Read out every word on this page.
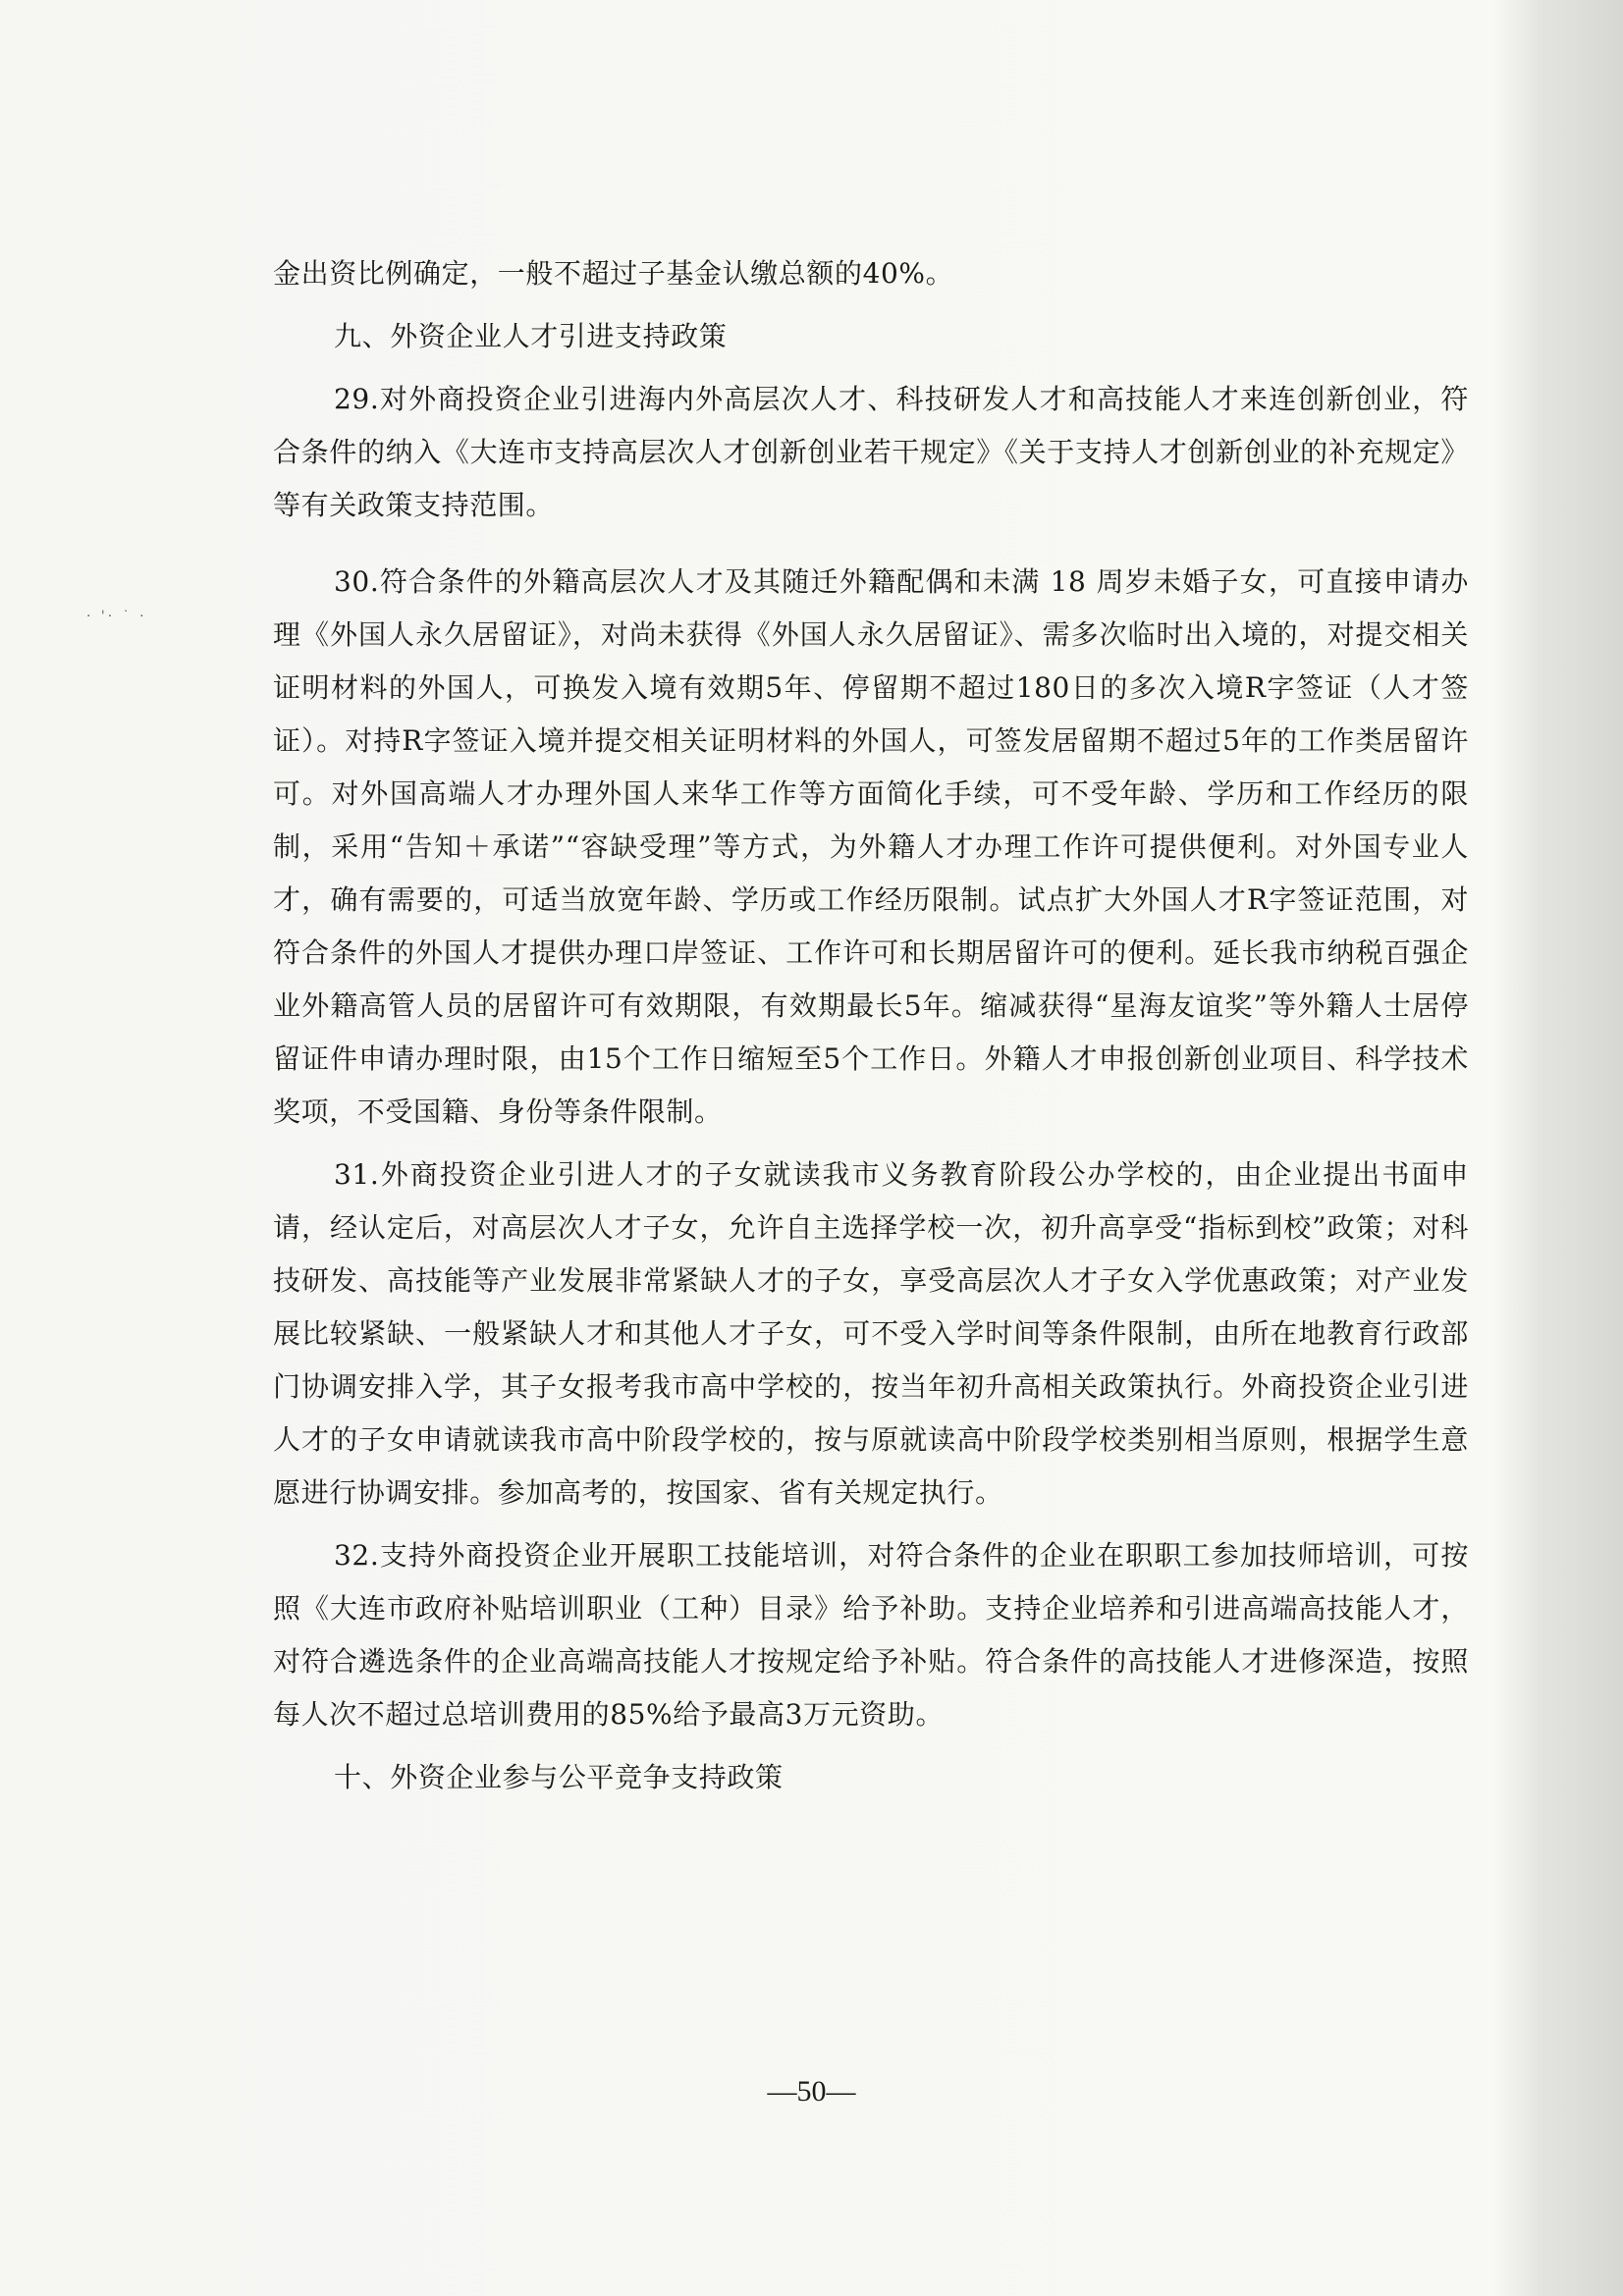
· '· ˙ ·

金出资比例确定，一般不超过子基金认缴总额的40%。

九、外资企业人才引进支持政策

29.对外商投资企业引进海内外高层次人才、科技研发人才和高技能人才来连创新创业，符合条件的纳入《大连市支持高层次人才创新创业若干规定》《关于支持人才创新创业的补充规定》等有关政策支持范围。

30.符合条件的外籍高层次人才及其随迁外籍配偶和未满 18 周岁未婚子女，可直接申请办理《外国人永久居留证》，对尚未获得《外国人永久居留证》、需多次临时出入境的，对提交相关证明材料的外国人，可换发入境有效期5年、停留期不超过180日的多次入境R字签证（人才签证）。对持R字签证入境并提交相关证明材料的外国人，可签发居留期不超过5年的工作类居留许可。对外国高端人才办理外国人来华工作等方面简化手续，可不受年龄、学历和工作经历的限制，采用“告知＋承诺”“容缺受理”等方式，为外籍人才办理工作许可提供便利。对外国专业人才，确有需要的，可适当放宽年龄、学历或工作经历限制。试点扩大外国人才R字签证范围，对符合条件的外国人才提供办理口岸签证、工作许可和长期居留许可的便利。延长我市纳税百强企业外籍高管人员的居留许可有效期限，有效期最长5年。缩减获得“星海友谊奖”等外籍人士居停留证件申请办理时限，由15个工作日缩短至5个工作日。外籍人才申报创新创业项目、科学技术奖项，不受国籍、身份等条件限制。

31.外商投资企业引进人才的子女就读我市义务教育阶段公办学校的，由企业提出书面申请，经认定后，对高层次人才子女，允许自主选择学校一次，初升高享受“指标到校”政策；对科技研发、高技能等产业发展非常紧缺人才的子女，享受高层次人才子女入学优惠政策；对产业发展比较紧缺、一般紧缺人才和其他人才子女，可不受入学时间等条件限制，由所在地教育行政部门协调安排入学，其子女报考我市高中学校的，按当年初升高相关政策执行。外商投资企业引进人才的子女申请就读我市高中阶段学校的，按与原就读高中阶段学校类别相当原则，根据学生意愿进行协调安排。参加高考的，按国家、省有关规定执行。

32.支持外商投资企业开展职工技能培训，对符合条件的企业在职职工参加技师培训，可按照《大连市政府补贴培训职业（工种）目录》给予补助。支持企业培养和引进高端高技能人才，对符合遴选条件的企业高端高技能人才按规定给予补贴。符合条件的高技能人才进修深造，按照每人次不超过总培训费用的85%给予最高3万元资助。

十、外资企业参与公平竞争支持政策

—50—
